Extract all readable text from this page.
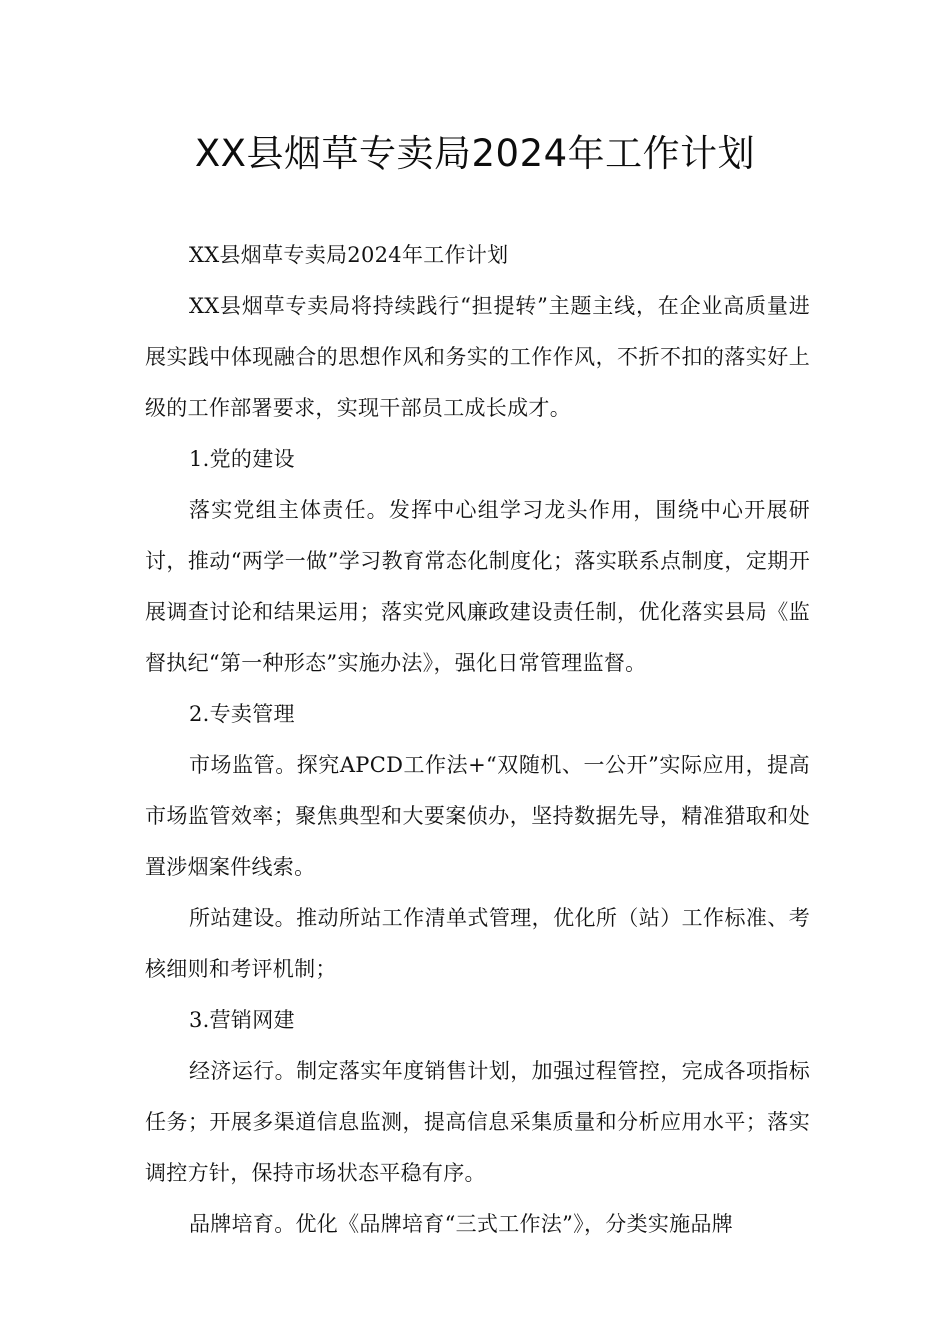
XX县烟草专卖局2024年工作计划

XX县烟草专卖局2024年工作计划

XX县烟草专卖局将持续践行“担提转”主题主线，在企业高质量进展实践中体现融合的思想作风和务实的工作作风，不折不扣的落实好上级的工作部署要求，实现干部员工成长成才。

1.党的建设

落实党组主体责任。发挥中心组学习龙头作用，围绕中心开展研讨，推动“两学一做”学习教育常态化制度化；落实联系点制度，定期开展调查讨论和结果运用；落实党风廉政建设责任制，优化落实县局《监督执纪“第一种形态”实施办法》，强化日常管理监督。

2.专卖管理

市场监管。探究APCD工作法+“双随机、一公开”实际应用，提高市场监管效率；聚焦典型和大要案侦办，坚持数据先导，精准猎取和处置涉烟案件线索。

所站建设。推动所站工作清单式管理，优化所（站）工作标准、考核细则和考评机制；

3.营销网建

经济运行。制定落实年度销售计划，加强过程管控，完成各项指标任务；开展多渠道信息监测，提高信息采集质量和分析应用水平；落实调控方针，保持市场状态平稳有序。

品牌培育。优化《品牌培育“三式工作法”》，分类实施品牌
